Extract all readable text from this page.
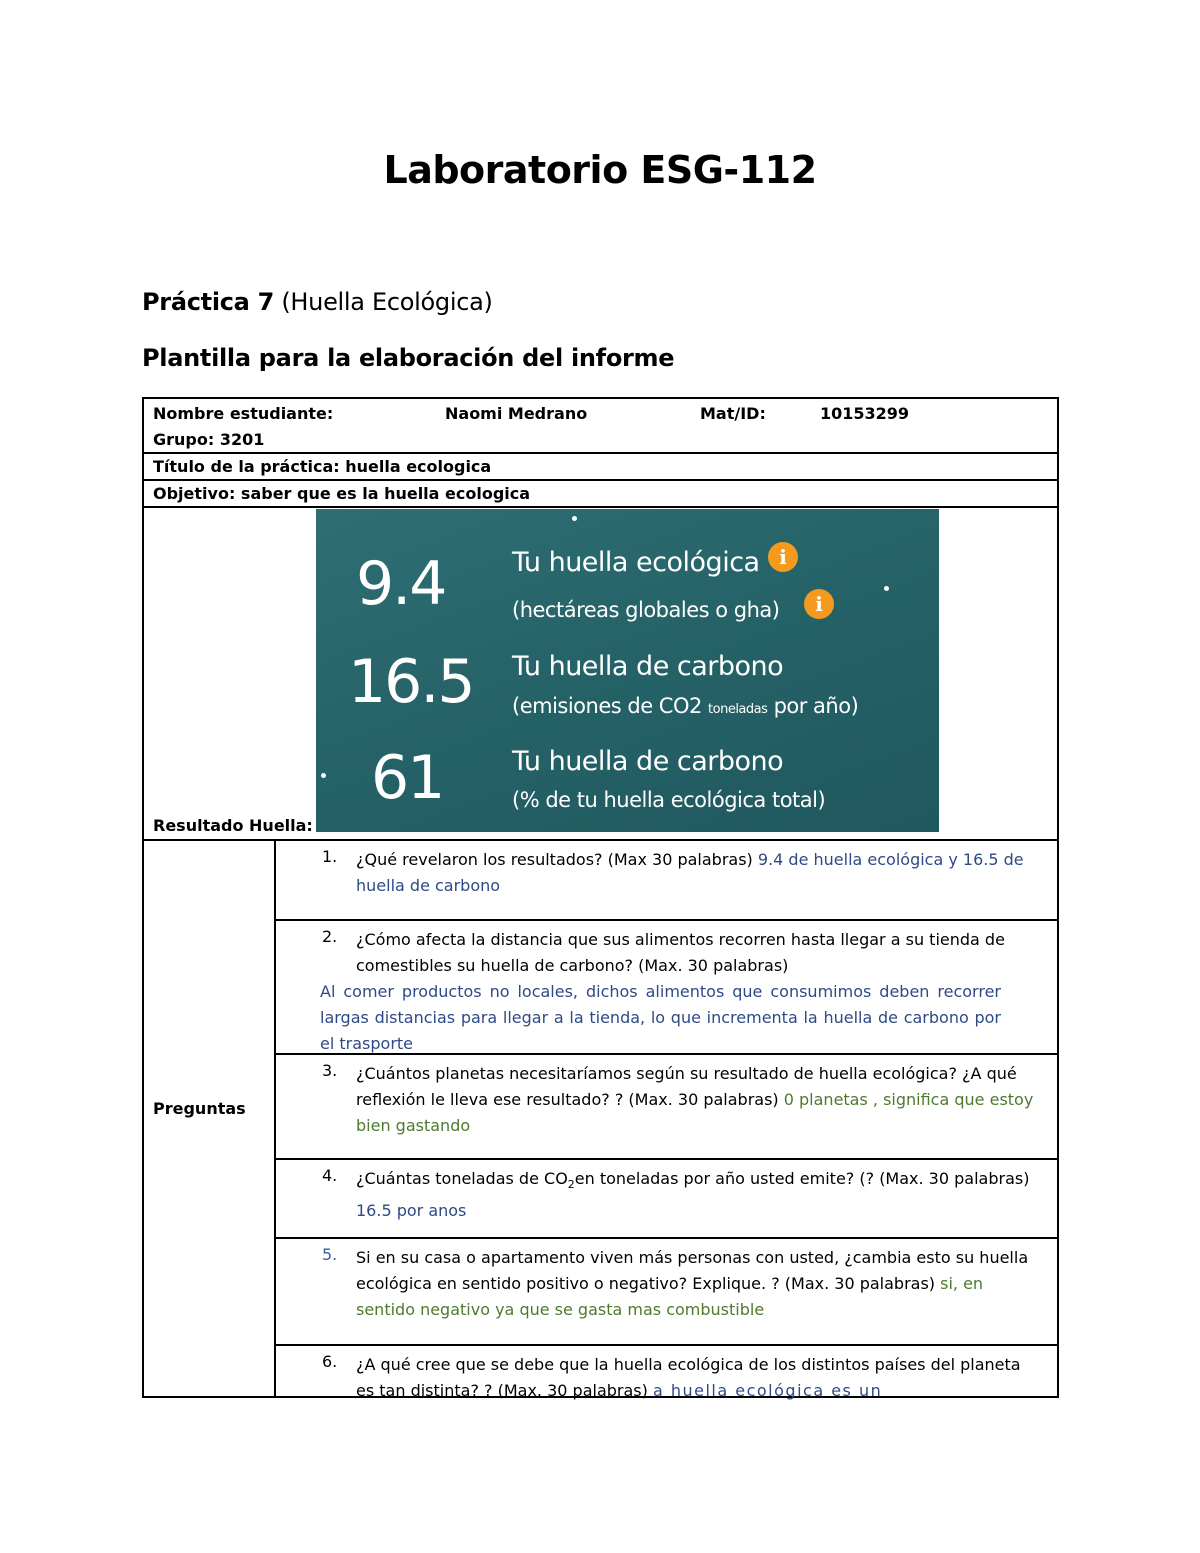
Laboratorio ESG-112
Práctica 7 (Huella Ecológica)
Plantilla para la elaboración del informe
Nombre estudiante:	Naomi Medrano	Mat/ID:	10153299
Grupo: 3201
Título de la práctica: huella ecologica
Objetivo: saber que es la huella ecologica
Resultado Huella:
9.4 Tu huella ecológica i
(hectáreas globales o gha)	i
16.5 Tu huella de carbono
(emisiones de CO2 toneladas por año)
61	Tu huella de carbono
(% de tu huella ecológica total)
Preguntas
1. ¿Qué revelaron los resultados? (Max 30 palabras) 9.4 de huella ecológica y 16.5 de huella de carbono
2. ¿Cómo afecta la distancia que sus alimentos recorren hasta llegar a su tienda de comestibles su huella de carbono? (Max. 30 palabras)
Al comer productos no locales, dichos alimentos que consumimos deben recorrer largas distancias para llegar a la tienda, lo que incrementa la huella de carbono por el trasporte
3. ¿Cuántos planetas necesitaríamos según su resultado de huella ecológica? ¿A qué reflexión le lleva ese resultado? ? (Max. 30 palabras) 0 planetas , significa que estoy bien gastando
4. ¿Cuántas toneladas de $CO_2en$ toneladas por año usted emite? (? (Max. 30 palabras) 16.5 por anos
5. Si en su casa o apartamento viven más personas con usted, ¿cambia esto su huella ecológica en sentido positivo o negativo? Explique. ? (Max. 30 palabras) si, en sentido negativo ya que se gasta mas combustible
6. ¿A qué cree que se debe que la huella ecológica de los distintos países del planeta es tan distinta? ? (Max. 30 palabras) a huella ecológica es un
